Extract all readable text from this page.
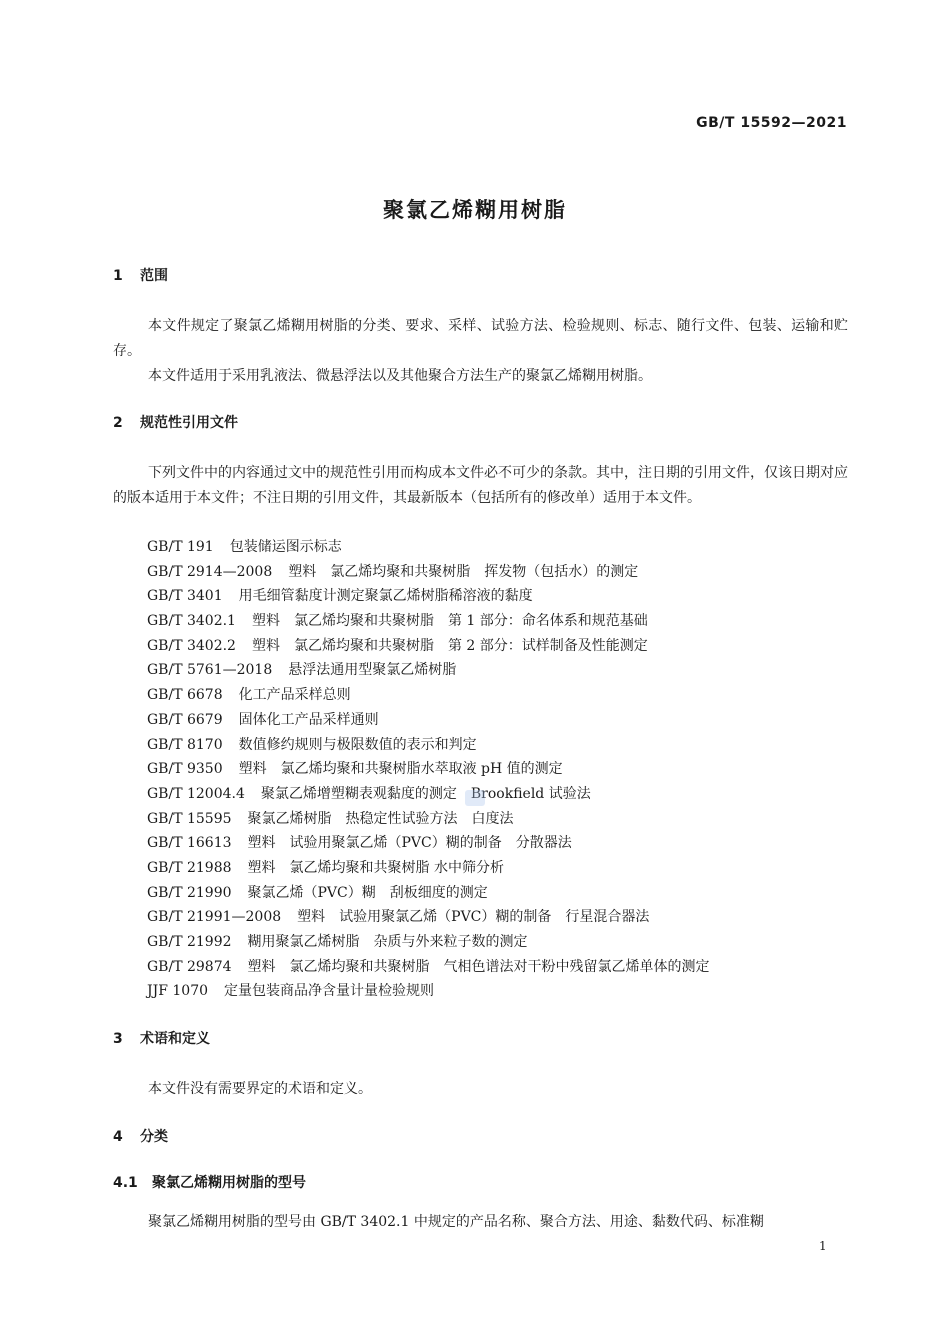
GB/T 15592—2021
聚氯乙烯糊用树脂
1 范围
本文件规定了聚氯乙烯糊用树脂的分类、要求、采样、试验方法、检验规则、标志、随行文件、包装、运输和贮存。
本文件适用于采用乳液法、微悬浮法以及其他聚合方法生产的聚氯乙烯糊用树脂。
2 规范性引用文件
下列文件中的内容通过文中的规范性引用而构成本文件必不可少的条款。其中，注日期的引用文件，仅该日期对应的版本适用于本文件；不注日期的引用文件，其最新版本（包括所有的修改单）适用于本文件。
GB/T 191 包装储运图示标志
GB/T 2914—2008 塑料　氯乙烯均聚和共聚树脂　挥发物（包括水）的测定
GB/T 3401 用毛细管黏度计测定聚氯乙烯树脂稀溶液的黏度
GB/T 3402.1 塑料　氯乙烯均聚和共聚树脂　第 1 部分：命名体系和规范基础
GB/T 3402.2 塑料　氯乙烯均聚和共聚树脂　第 2 部分：试样制备及性能测定
GB/T 5761—2018 悬浮法通用型聚氯乙烯树脂
GB/T 6678 化工产品采样总则
GB/T 6679 固体化工产品采样通则
GB/T 8170 数值修约规则与极限数值的表示和判定
GB/T 9350 塑料　氯乙烯均聚和共聚树脂水萃取液 pH 值的测定
GB/T 12004.4 聚氯乙烯增塑糊表观黏度的测定　Brookfield 试验法
GB/T 15595 聚氯乙烯树脂　热稳定性试验方法　白度法
GB/T 16613 塑料　试验用聚氯乙烯（PVC）糊的制备　分散器法
GB/T 21988 塑料　氯乙烯均聚和共聚树脂 水中筛分析
GB/T 21990 聚氯乙烯（PVC）糊　刮板细度的测定
GB/T 21991—2008 塑料　试验用聚氯乙烯（PVC）糊的制备　行星混合器法
GB/T 21992 糊用聚氯乙烯树脂　杂质与外来粒子数的测定
GB/T 29874 塑料　氯乙烯均聚和共聚树脂　气相色谱法对干粉中残留氯乙烯单体的测定
JJF 1070 定量包装商品净含量计量检验规则
3 术语和定义
本文件没有需要界定的术语和定义。
4 分类
4.1 聚氯乙烯糊用树脂的型号
聚氯乙烯糊用树脂的型号由 GB/T 3402.1 中规定的产品名称、聚合方法、用途、黏数代码、标准糊
1
